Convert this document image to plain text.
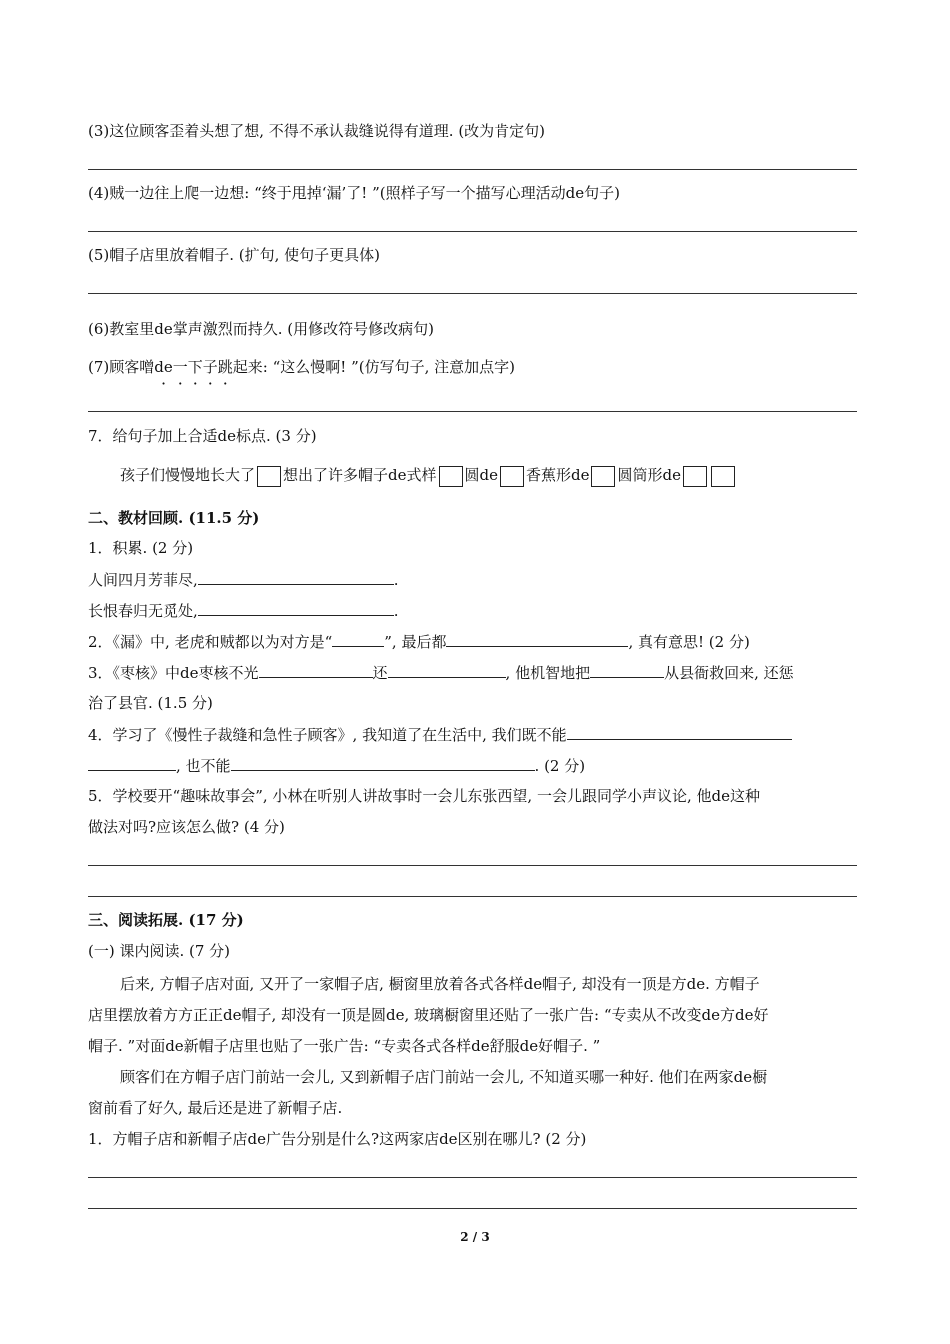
(3)这位顾客歪着头想了想, 不得不承认裁缝说得有道理. (改为肯定句)
(4)贼一边往上爬一边想: “终于甩掉‘漏’了! ”(照样子写一个描写心理活动de句子)
(5)帽子店里放着帽子. (扩句, 使句子更具体)
(6)教室里de掌声激烈而持久. (用修改符号修改病句)
(7)顾客噌de ·一下子跳起来: “这么慢啊! ”(仿写句子, 注意加点字)
7．给句子加上合适de标点. (3 分)
孩子们慢慢地长大了 想出了许多帽子de式样 圆de 香蕉形de 圆筒形de
二、教材回顾. (11.5 分)
1．积累. (2 分)
人间四月芳菲尽,	.
长恨春归无觅处,	.
2．《漏》中, 老虎和贼都以为对方是“	”, 最后都	, 真有意思! (2 分)
3．《枣核》中de枣核不光	还	, 他机智地把	从县衙救回来, 还惩
治了县官. (1.5 分)
4．学习了《慢性子裁缝和急性子顾客》, 我知道了在生活中, 我们既不能
, 也不能	. (2 分)
5．学校要开“趣味故事会”, 小林在听别人讲故事时一会儿东张西望, 一会儿跟同学小声议论, 他de这种
做法对吗?应该怎么做? (4 分)
三、阅读拓展. (17 分)
(一) 课内阅读. (7 分)
后来, 方帽子店对面, 又开了一家帽子店, 橱窗里放着各式各样de帽子, 却没有一顶是方de. 方帽子
店里摆放着方方正正de帽子, 却没有一顶是圆de, 玻璃橱窗里还贴了一张广告: “专卖从不改变de方de好
帽子. ”对面de新帽子店里也贴了一张广告: “专卖各式各样de舒服de好帽子. ”
顾客们在方帽子店门前站一会儿, 又到新帽子店门前站一会儿, 不知道买哪一种好. 他们在两家de橱
窗前看了好久, 最后还是进了新帽子店.
1．方帽子店和新帽子店de广告分别是什么?这两家店de区别在哪儿? (2 分)
2 / 3
